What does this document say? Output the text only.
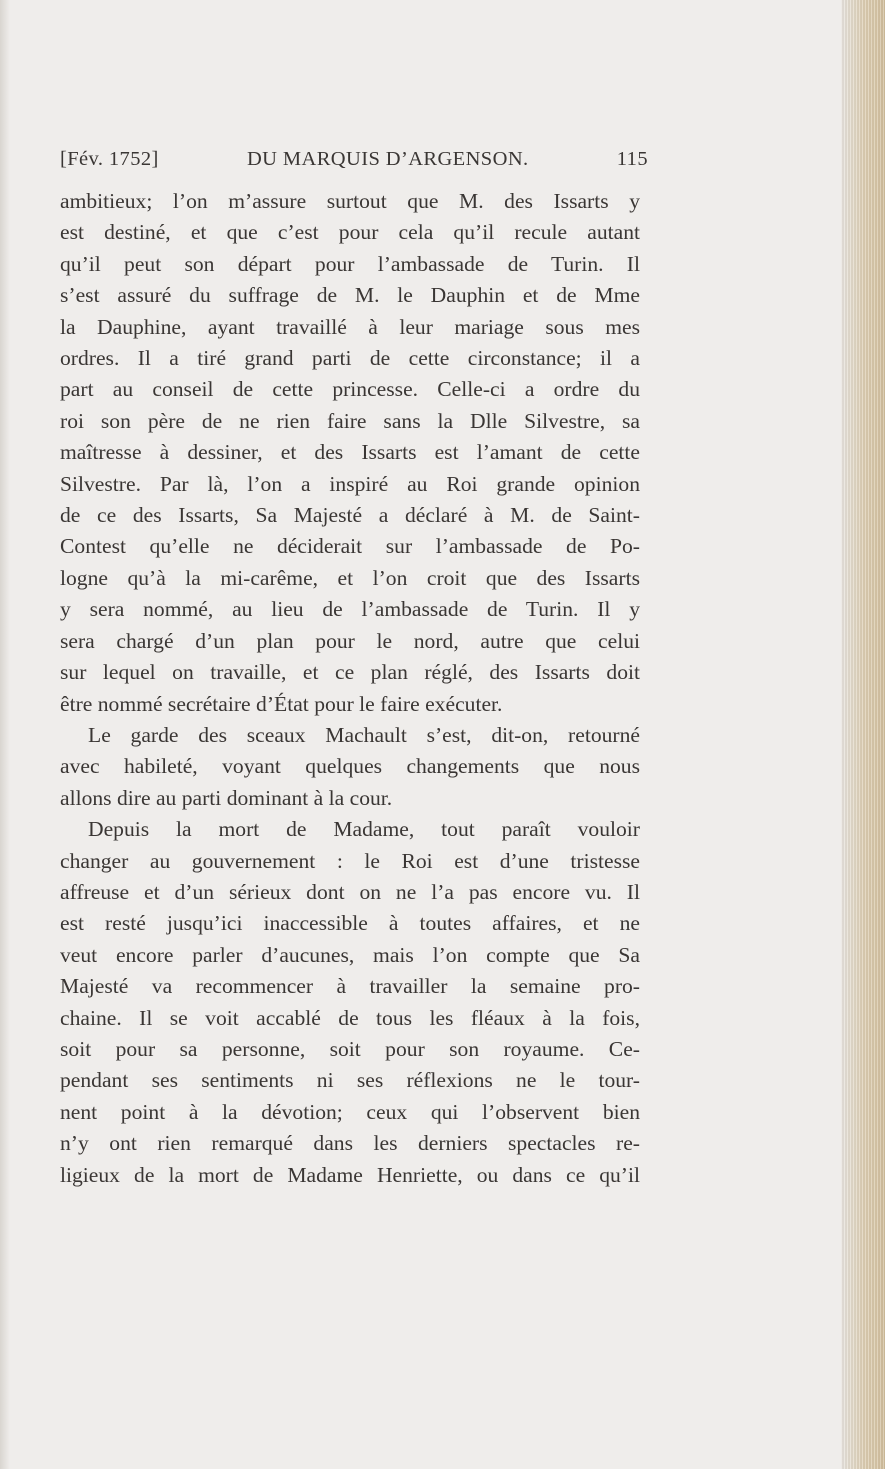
[Fév. 1752]	DU MARQUIS D’ARGENSON.	115
ambitieux; l’on m’assure surtout que M. des Issarts y
est destiné, et que c’est pour cela qu’il recule autant
qu’il peut son départ pour l’ambassade de Turin. Il
s’est assuré du suffrage de M. le Dauphin et de Mme
la Dauphine, ayant travaillé à leur mariage sous mes
ordres. Il a tiré grand parti de cette circonstance; il a
part au conseil de cette princesse. Celle-ci a ordre du
roi son père de ne rien faire sans la Dlle Silvestre, sa
maîtresse à dessiner, et des Issarts est l’amant de cette
Silvestre. Par là, l’on a inspiré au Roi grande opinion
de ce des Issarts, Sa Majesté a déclaré à M. de Saint-
Contest qu’elle ne déciderait sur l’ambassade de Po-
logne qu’à la mi-carême, et l’on croit que des Issarts
y sera nommé, au lieu de l’ambassade de Turin. Il y
sera chargé d’un plan pour le nord, autre que celui
sur lequel on travaille, et ce plan réglé, des Issarts doit
être nommé secrétaire d’État pour le faire exécuter.
Le garde des sceaux Machault s’est, dit-on, retourné
avec habileté, voyant quelques changements que nous
allons dire au parti dominant à la cour.
Depuis la mort de Madame, tout paraît vouloir
changer au gouvernement : le Roi est d’une tristesse
affreuse et d’un sérieux dont on ne l’a pas encore vu. Il
est resté jusqu’ici inaccessible à toutes affaires, et ne
veut encore parler d’aucunes, mais l’on compte que Sa
Majesté va recommencer à travailler la semaine pro-
chaine. Il se voit accablé de tous les fléaux à la fois,
soit pour sa personne, soit pour son royaume. Ce-
pendant ses sentiments ni ses réflexions ne le tour-
nent point à la dévotion; ceux qui l’observent bien
n’y ont rien remarqué dans les derniers spectacles re-
ligieux de la mort de Madame Henriette, ou dans ce qu’il
